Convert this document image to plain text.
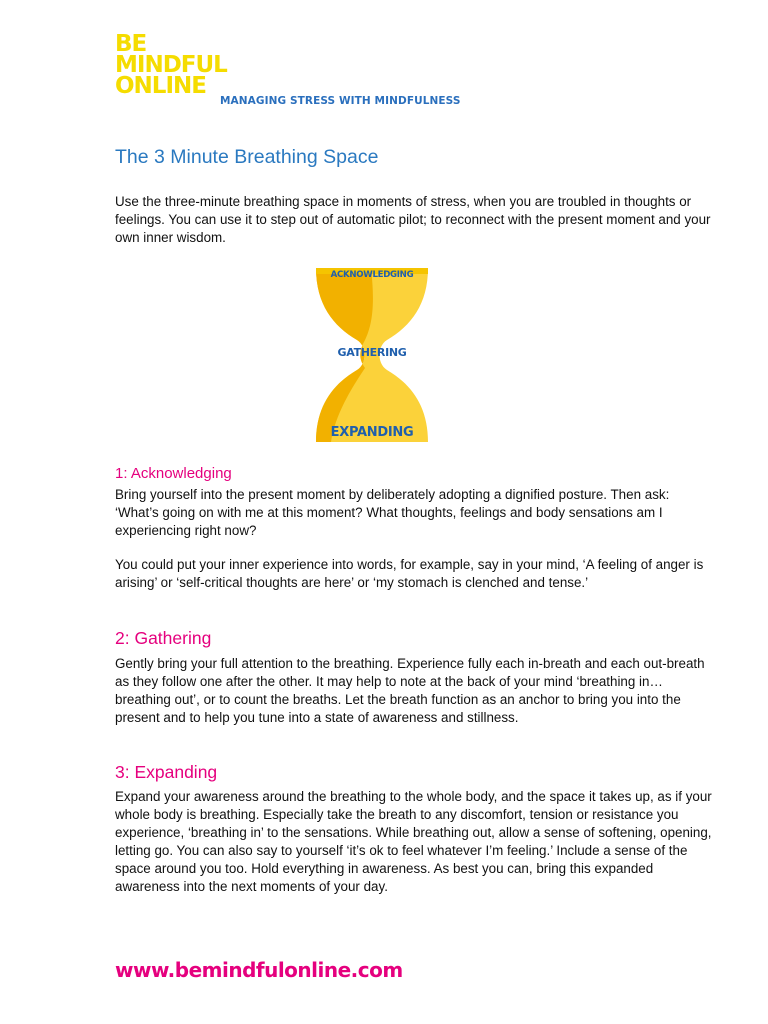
BE
MINDFUL
ONLINE
MANAGING STRESS WITH MINDFULNESS
The 3 Minute Breathing Space

Use the three-minute breathing space in moments of stress, when you are troubled in thoughts or feelings. You can use it to step out of automatic pilot; to reconnect with the present moment and your own inner wisdom.

ACKNOWLEDGING
GATHERING
EXPANDING
1: Acknowledging

Bring yourself into the present moment by deliberately adopting a dignified posture. Then ask: ‘What’s going on with me at this moment? What thoughts, feelings and body sensations am I experiencing right now?

You could put your inner experience into words, for example, say in your mind, ‘A feeling of anger is arising’ or ‘self-critical thoughts are here’ or ‘my stomach is clenched and tense.’

2: Gathering

Gently bring your full attention to the breathing. Experience fully each in-breath and each out-breath as they follow one after the other. It may help to note at the back of your mind ‘breathing in…breathing out’, or to count the breaths. Let the breath function as an anchor to bring you into the present and to help you tune into a state of awareness and stillness.

3: Expanding

Expand your awareness around the breathing to the whole body, and the space it takes up, as if your whole body is breathing. Especially take the breath to any discomfort, tension or resistance you experience, ‘breathing in’ to the sensations. While breathing out, allow a sense of softening, opening, letting go. You can also say to yourself ‘it’s ok to feel whatever I’m feeling.’ Include a sense of the space around you too. Hold everything in awareness. As best you can, bring this expanded awareness into the next moments of your day.

www.bemindfulonline.com
